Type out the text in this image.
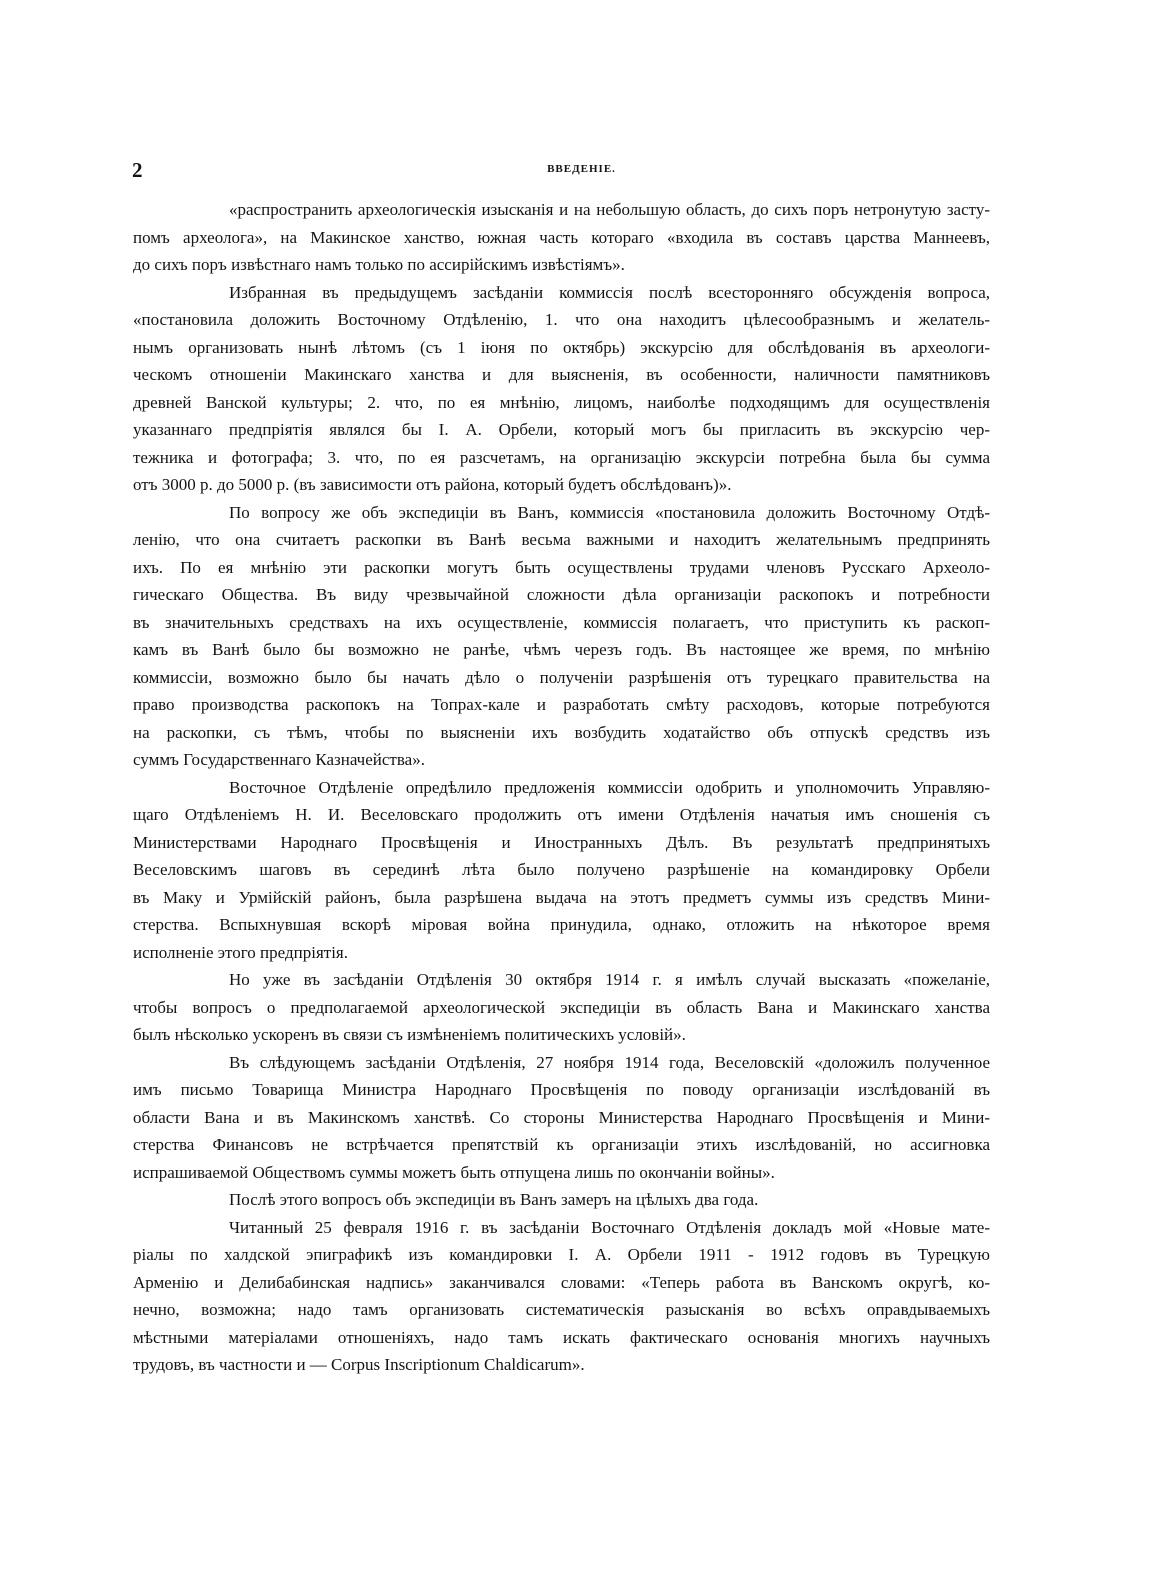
2	ВВЕДЕНІЕ.
«распространить археологическія изысканія и на небольшую область, до сихъ поръ нетронутую засту-
помъ археолога», на Макинское ханство, южная часть котораго «входила въ составъ царства Маннеевъ,
до сихъ поръ извѣстнаго намъ только по ассирійскимъ извѣстіямъ».
Избранная въ предыдущемъ засѣданіи коммиссія послѣ всесторонняго обсужденія вопроса,
«постановила доложить Восточному Отдѣленію, 1. что она находитъ цѣлесообразнымъ и желатель-
нымъ организовать нынѣ лѣтомъ (съ 1 іюня по октябрь) экскурсію для обслѣдованія въ археологи-
ческомъ отношеніи Макинскаго ханства и для выясненія, въ особенности, наличности памятниковъ
древней Ванской культуры; 2. что, по ея мнѣнію, лицомъ, наиболѣе подходящимъ для осуществленія
указаннаго предпріятія являлся бы І. А. Орбели, который могъ бы пригласить въ экскурсію чер-
тежника и фотографа; 3. что, по ея разсчетамъ, на организацію экскурсіи потребна была бы сумма
отъ 3000 р. до 5000 р. (въ зависимости отъ района, который будетъ обслѣдованъ)».
По вопросу же объ экспедиціи въ Ванъ, коммиссія «постановила доложить Восточному Отдѣ-
ленію, что она считаетъ раскопки въ Ванѣ весьма важными и находитъ желательнымъ предпринять
ихъ. По ея мнѣнію эти раскопки могутъ быть осуществлены трудами членовъ Русскаго Археоло-
гическаго Общества. Въ виду чрезвычайной сложности дѣла организаціи раскопокъ и потребности
въ значительныхъ средствахъ на ихъ осуществленіе, коммиссія полагаетъ, что приступить къ раскоп-
камъ въ Ванѣ было бы возможно не ранѣе, чѣмъ черезъ годъ. Въ настоящее же время, по мнѣнію
коммиссіи, возможно было бы начать дѣло о полученіи разрѣшенія отъ турецкаго правительства на
право производства раскопокъ на Топрах-кале и разработать смѣту расходовъ, которые потребуются
на раскопки, съ тѣмъ, чтобы по выясненіи ихъ возбудить ходатайство объ отпускѣ средствъ изъ
суммъ Государственнаго Казначейства».
Восточное Отдѣленіе опредѣлило предложенія коммиссіи одобрить и уполномочить Управляю-
щаго Отдѣленіемъ Н. И. Веселовскаго продолжить отъ имени Отдѣленія начатыя имъ сношенія съ
Министерствами Народнаго Просвѣщенія и Иностранныхъ Дѣлъ. Въ результатѣ предпринятыхъ
Веселовскимъ шаговъ въ серединѣ лѣта было получено разрѣшеніе на командировку Орбели
въ Маку и Урмійскій районъ, была разрѣшена выдача на этотъ предметъ суммы изъ средствъ Мини-
стерства. Вспыхнувшая вскорѣ міровая война принудила, однако, отложить на нѣкоторое время
исполненіе этого предпріятія.
Но уже въ засѣданіи Отдѣленія 30 октября 1914 г. я имѣлъ случай высказать «пожеланіе,
чтобы вопросъ о предполагаемой археологической экспедиціи въ область Вана и Макинскаго ханства
былъ нѣсколько ускоренъ въ связи съ измѣненіемъ политическихъ условій».
Въ слѣдующемъ засѣданіи Отдѣленія, 27 ноября 1914 года, Веселовскій «доложилъ полученное
имъ письмо Товарища Министра Народнаго Просвѣщенія по поводу организаціи изслѣдованій въ
области Вана и въ Макинскомъ ханствѣ. Со стороны Министерства Народнаго Просвѣщенія и Мини-
стерства Финансовъ не встрѣчается препятствій къ организаціи этихъ изслѣдованій, но ассигновка
испрашиваемой Обществомъ суммы можетъ быть отпущена лишь по окончаніи войны».
Послѣ этого вопросъ объ экспедиціи въ Ванъ замеръ на цѣлыхъ два года.
Читанный 25 февраля 1916 г. въ засѣданіи Восточнаго Отдѣленія докладъ мой «Новые мате-
ріалы по халдской эпиграфикѣ изъ командировки І. А. Орбели 1911 - 1912 годовъ въ Турецкую
Арменію и Делибабинская надпись» заканчивался словами: «Теперь работа въ Ванскомъ округѣ, ко-
нечно, возможна; надо тамъ организовать систематическія разысканія во всѣхъ оправдываемыхъ
мѣстными матеріалами отношеніяхъ, надо тамъ искать фактическаго основанія многихъ научныхъ
трудовъ, въ частности и — Corpus Inscriptionum Chaldicarum».
